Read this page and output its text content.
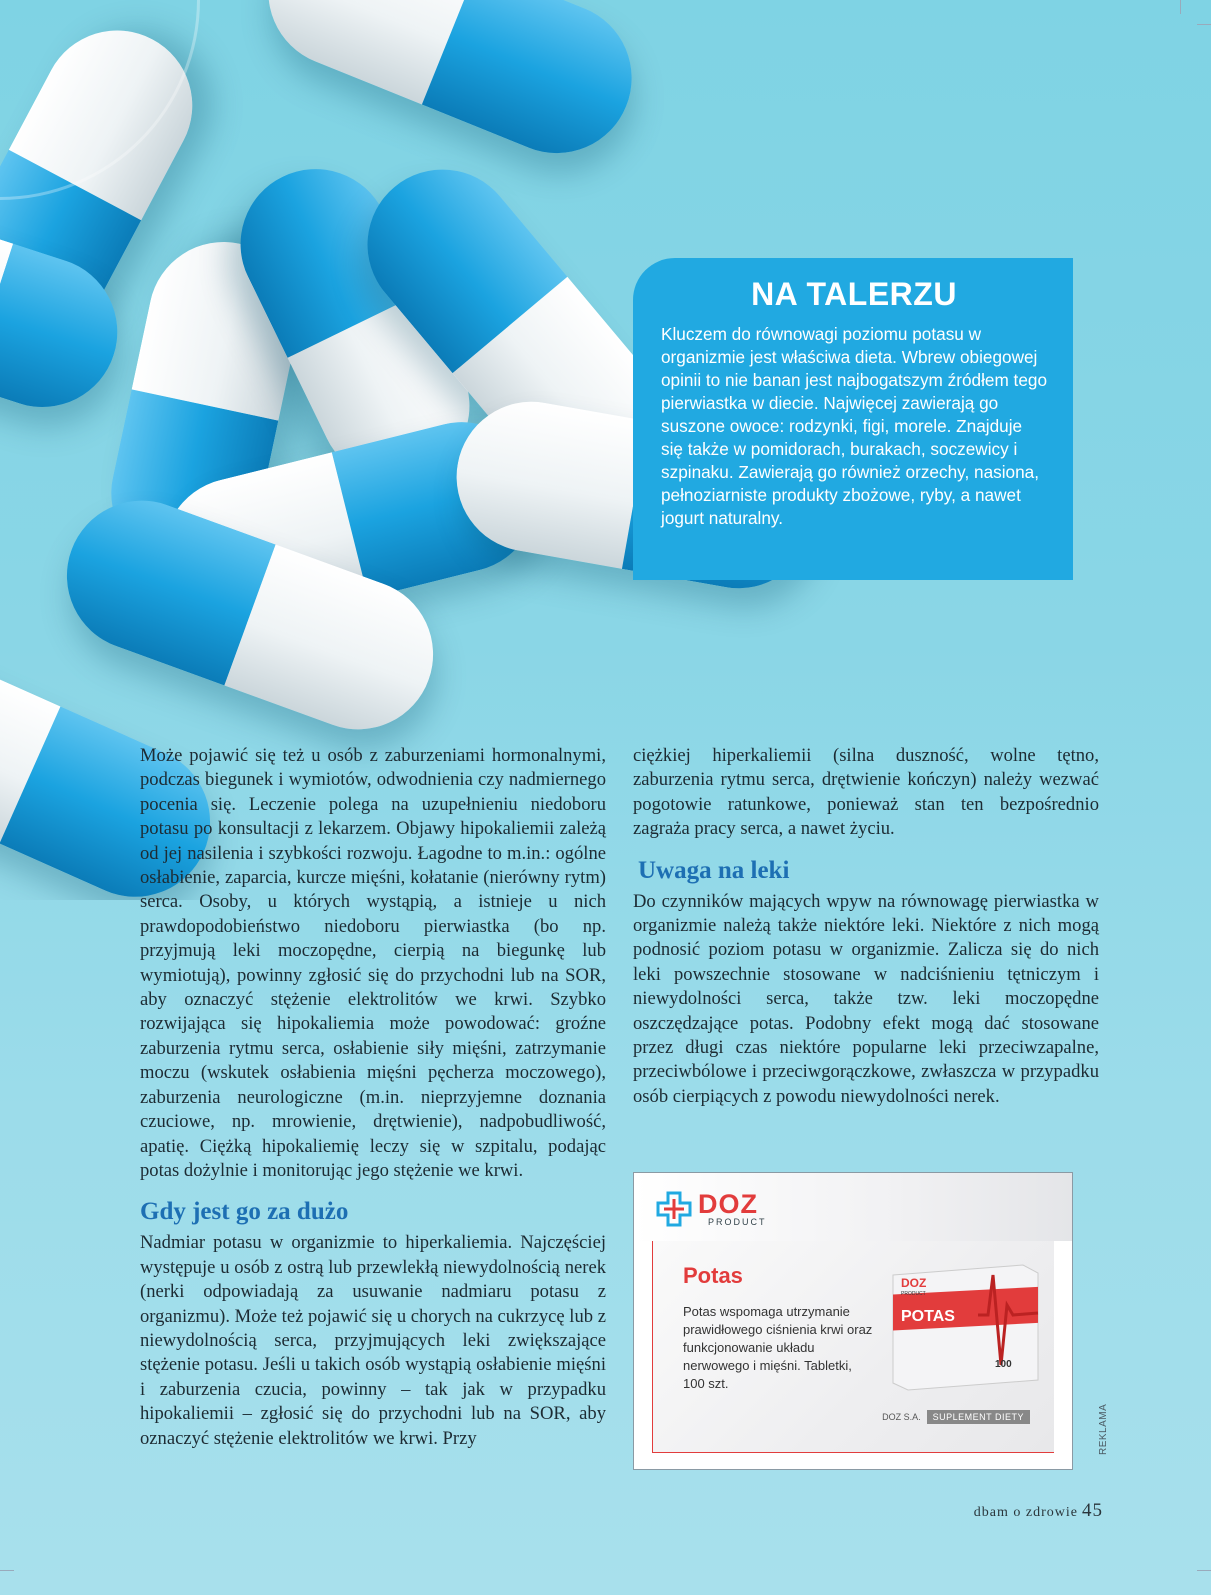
NA TALERZU

Kluczem do równowagi poziomu potasu w organizmie jest właściwa dieta. Wbrew obiegowej opinii to nie banan jest najbogatszym źródłem tego pierwiastka w diecie. Najwięcej zawierają go suszone owoce: rodzynki, figi, morele. Znajduje się także w pomidorach, burakach, soczewicy i szpinaku. Zawierają go również orzechy, nasiona, pełnoziarniste produkty zbożowe, ryby, a nawet jogurt naturalny.

Może pojawić się też u osób z zaburzeniami hormonalnymi, podczas biegunek i wymiotów, odwodnienia czy nadmiernego pocenia się. Leczenie polega na uzupełnieniu niedoboru potasu po konsultacji z lekarzem. Objawy hipokaliemii zależą od jej nasilenia i szybkości rozwoju. Łagodne to m.in.: ogólne osłabienie, zaparcia, kurcze mięśni, kołatanie (nierówny rytm) serca. Osoby, u których wystąpią, a istnieje u nich prawdopodobieństwo niedoboru pierwiastka (bo np. przyjmują leki moczopędne, cierpią na biegunkę lub wymiotują), powinny zgłosić się do przychodni lub na SOR, aby oznaczyć stężenie elektrolitów we krwi. Szybko rozwijająca się hipokaliemia może powodować: groźne zaburzenia rytmu serca, osłabienie siły mięśni, zatrzymanie moczu (wskutek osłabienia mięśni pęcherza moczowego), zaburzenia neurologiczne (m.in. nieprzyjemne doznania czuciowe, np. mrowienie, drętwienie), nadpobudliwość, apatię. Ciężką hipokaliemię leczy się w szpitalu, podając potas dożylnie i monitorując jego stężenie we krwi.

Gdy jest go za dużo

Nadmiar potasu w organizmie to hiperkaliemia. Najczęściej występuje u osób z ostrą lub przewlekłą niewydolnością nerek (nerki odpowiadają za usuwanie nadmiaru potasu z organizmu). Może też pojawić się u chorych na cukrzycę lub z niewydolnością serca, przyjmujących leki zwiększające stężenie potasu. Jeśli u takich osób wystąpią osłabienie mięśni i zaburzenia czucia, powinny – tak jak w przypadku hipokaliemii – zgłosić się do przychodni lub na SOR, aby oznaczyć stężenie elektrolitów we krwi. Przy

ciężkiej hiperkaliemii (silna duszność, wolne tętno, zaburzenia rytmu serca, drętwienie kończyn) należy wezwać pogotowie ratunkowe, ponieważ stan ten bezpośrednio zagraża pracy serca, a nawet życiu.

Uwaga na leki

Do czynników mających wpyw na równowagę pierwiastka w organizmie należą także niektóre leki. Niektóre z nich mogą podnosić poziom potasu w organizmie. Zalicza się do nich leki powszechnie stosowane w nadciśnieniu tętniczym i niewydolności serca, także tzw. leki moczopędne oszczędzające potas. Podobny efekt mogą dać stosowane przez długi czas niektóre popularne leki przeciwzapalne, przeciwbólowe i przeciwgorączkowe, zwłaszcza w przypadku osób cierpiących z powodu niewydolności nerek.

DOZ
PRODUCT
Potas
Potas wspomaga utrzymanie prawidłowego ciśnienia krwi oraz funkcjonowanie układu nerwowego i mięśni. Tabletki, 100 szt.
DOZ
PRODUCT
POTAS
100
DOZ S.A.	SUPLEMENT DIETY	REKLAMA
dbam o zdrowie 45
